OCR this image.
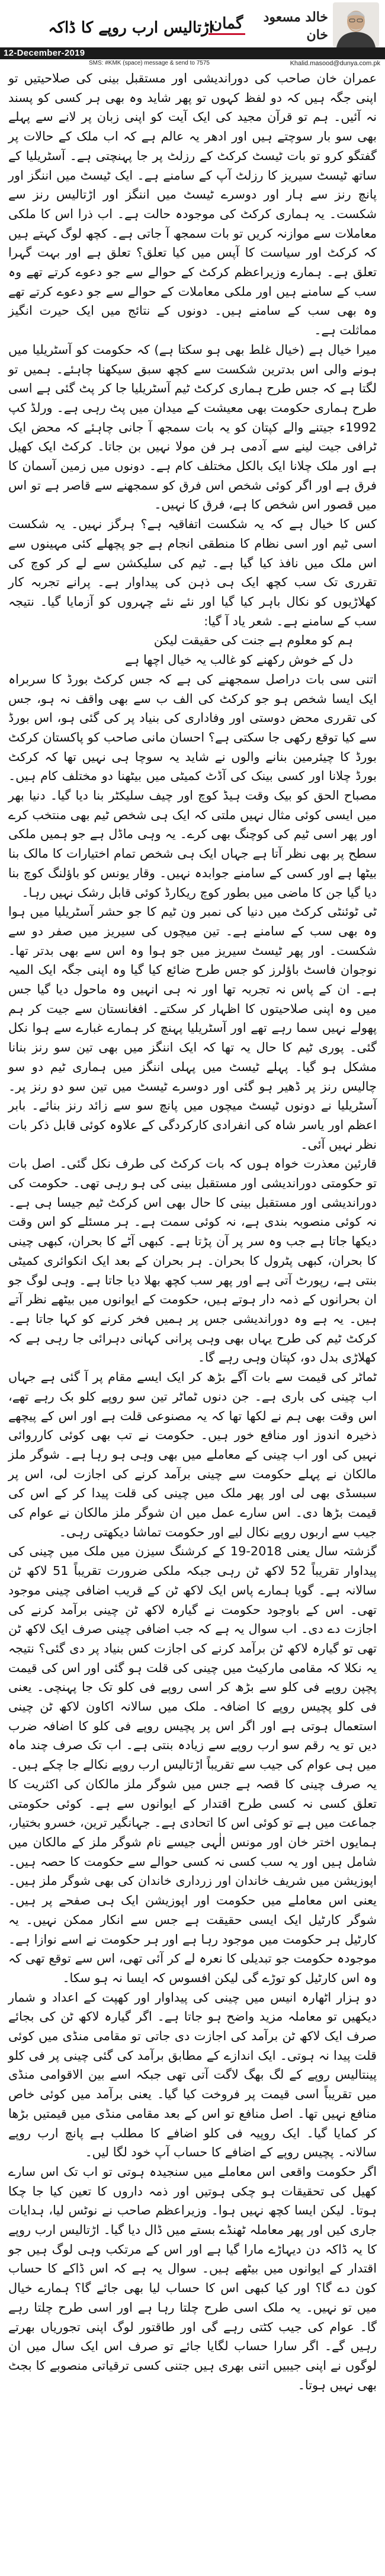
خالد مسعود خان
گمان
اڑتالیس ارب روپے کا ڈاکہ
12-December-2019
SMS: #KMK (space) message & send to 7575	Khalid.masood@dunya.com.pk

عمران خان صاحب کی دوراندیشی اور مستقبل بینی کی صلاحیتیں تو اپنی جگہ ہیں کہ دو لفظ کہوں تو پھر شاید وہ بھی ہر کسی کو پسند نہ آئیں۔ ہم تو قرآن مجید کی ایک آیت کو اپنی زبان پر لانے سے پہلے بھی سو بار سوچتے ہیں اور ادھر یہ عالم ہے کہ اب ملک کے حالات پر گفتگو کرو تو بات ٹیسٹ کرکٹ کے رزلٹ پر جا پہنچتی ہے۔ آسٹریلیا کے ساتھ ٹیسٹ سیریز کا رزلٹ آپ کے سامنے ہے۔ ایک ٹیسٹ میں اننگز اور پانچ رنز سے ہار اور دوسرے ٹیسٹ میں اننگز اور اڑتالیس رنز سے شکست۔ یہ ہماری کرکٹ کی موجودہ حالت ہے۔ اب ذرا اس کا ملکی معاملات سے موازنہ کریں تو بات سمجھ آ جاتی ہے۔ کچھ لوگ کہتے ہیں کہ کرکٹ اور سیاست کا آپس میں کیا تعلق؟ تعلق ہے اور بہت گہرا تعلق ہے۔ ہمارے وزیراعظم کرکٹ کے حوالے سے جو دعوے کرتے تھے وہ سب کے سامنے ہیں اور ملکی معاملات کے حوالے سے جو دعوے کرتے تھے وہ بھی سب کے سامنے ہیں۔ دونوں کے نتائج میں ایک حیرت انگیز مماثلت ہے۔

میرا خیال ہے (خیال غلط بھی ہو سکتا ہے) کہ حکومت کو آسٹریلیا میں ہونے والی اس بدترین شکست سے کچھ سبق سیکھنا چاہئے۔ ہمیں تو لگتا ہے کہ جس طرح ہماری کرکٹ ٹیم آسٹریلیا جا کر پٹ گئی ہے اسی طرح ہماری حکومت بھی معیشت کے میدان میں پٹ رہی ہے۔ ورلڈ کپ 1992ء جیتنے والے کپتان کو یہ بات سمجھ آ جانی چاہئے کہ محض ایک ٹرافی جیت لینے سے آدمی ہر فن مولا نہیں بن جاتا۔ کرکٹ ایک کھیل ہے اور ملک چلانا ایک بالکل مختلف کام ہے۔ دونوں میں زمین آسمان کا فرق ہے اور اگر کوئی شخص اس فرق کو سمجھنے سے قاصر ہے تو اس میں قصور اس شخص کا ہے، فرق کا نہیں۔

کس کا خیال ہے کہ یہ شکست اتفاقیہ ہے؟ ہرگز نہیں۔ یہ شکست اسی ٹیم اور اسی نظام کا منطقی انجام ہے جو پچھلے کئی مہینوں سے اس ملک میں نافذ کیا گیا ہے۔ ٹیم کی سلیکشن سے لے کر کوچ کی تقرری تک سب کچھ ایک ہی ذہن کی پیداوار ہے۔ پرانے تجربہ کار کھلاڑیوں کو نکال باہر کیا گیا اور نئے نئے چہروں کو آزمایا گیا۔ نتیجہ سب کے سامنے ہے۔ شعر یاد آ گیا:

ہم کو معلوم ہے جنت کی حقیقت لیکن

دل کے خوش رکھنے کو غالب یہ خیال اچھا ہے

اتنی سی بات دراصل سمجھنے کی ہے کہ جس کرکٹ بورڈ کا سربراہ ایک ایسا شخص ہو جو کرکٹ کی الف ب سے بھی واقف نہ ہو، جس کی تقرری محض دوستی اور وفاداری کی بنیاد پر کی گئی ہو، اس بورڈ سے کیا توقع رکھی جا سکتی ہے؟ احسان مانی صاحب کو پاکستان کرکٹ بورڈ کا چیئرمین بنانے والوں نے شاید یہ سوچا ہی نہیں تھا کہ کرکٹ بورڈ چلانا اور کسی بینک کی آڈٹ کمیٹی میں بیٹھنا دو مختلف کام ہیں۔ مصباح الحق کو بیک وقت ہیڈ کوچ اور چیف سلیکٹر بنا دیا گیا۔ دنیا بھر میں ایسی کوئی مثال نہیں ملتی کہ ایک ہی شخص ٹیم بھی منتخب کرے اور پھر اسی ٹیم کی کوچنگ بھی کرے۔ یہ وہی ماڈل ہے جو ہمیں ملکی سطح پر بھی نظر آتا ہے جہاں ایک ہی شخص تمام اختیارات کا مالک بنا بیٹھا ہے اور کسی کے سامنے جوابدہ نہیں۔ وقار یونس کو باؤلنگ کوچ بنا دیا گیا جن کا ماضی میں بطور کوچ ریکارڈ کوئی قابل رشک نہیں رہا۔

ٹی ٹوئنٹی کرکٹ میں دنیا کی نمبر ون ٹیم کا جو حشر آسٹریلیا میں ہوا وہ بھی سب کے سامنے ہے۔ تین میچوں کی سیریز میں صفر دو سے شکست۔ اور پھر ٹیسٹ سیریز میں جو ہوا وہ اس سے بھی بدتر تھا۔ نوجوان فاسٹ باؤلرز کو جس طرح ضائع کیا گیا وہ اپنی جگہ ایک المیہ ہے۔ ان کے پاس نہ تجربہ تھا اور نہ ہی انہیں وہ ماحول دیا گیا جس میں وہ اپنی صلاحیتوں کا اظہار کر سکتے۔ افغانستان سے جیت کر ہم پھولے نہیں سما رہے تھے اور آسٹریلیا پہنچ کر ہمارے غبارے سے ہوا نکل گئی۔ پوری ٹیم کا حال یہ تھا کہ ایک اننگز میں بھی تین سو رنز بنانا مشکل ہو گیا۔ پہلے ٹیسٹ میں پہلی اننگز میں ہماری ٹیم دو سو چالیس رنز پر ڈھیر ہو گئی اور دوسرے ٹیسٹ میں تین سو دو رنز پر۔ آسٹریلیا نے دونوں ٹیسٹ میچوں میں پانچ سو سے زائد رنز بنائے۔ بابر اعظم اور یاسر شاہ کی انفرادی کارکردگی کے علاوہ کوئی قابل ذکر بات نظر نہیں آئی۔

قارئین معذرت خواہ ہوں کہ بات کرکٹ کی طرف نکل گئی۔ اصل بات تو حکومتی دوراندیشی اور مستقبل بینی کی ہو رہی تھی۔ حکومت کی دوراندیشی اور مستقبل بینی کا حال بھی اس کرکٹ ٹیم جیسا ہی ہے۔ نہ کوئی منصوبہ بندی ہے، نہ کوئی سمت ہے۔ ہر مسئلے کو اس وقت دیکھا جاتا ہے جب وہ سر پر آن پڑتا ہے۔ کبھی آٹے کا بحران، کبھی چینی کا بحران، کبھی پٹرول کا بحران۔ ہر بحران کے بعد ایک انکوائری کمیٹی بنتی ہے، رپورٹ آتی ہے اور پھر سب کچھ بھلا دیا جاتا ہے۔ وہی لوگ جو ان بحرانوں کے ذمہ دار ہوتے ہیں، حکومت کے ایوانوں میں بیٹھے نظر آتے ہیں۔ یہ ہے وہ دوراندیشی جس پر ہمیں فخر کرنے کو کہا جاتا ہے۔ کرکٹ ٹیم کی طرح یہاں بھی وہی پرانی کہانی دہرائی جا رہی ہے کہ کھلاڑی بدل دو، کپتان وہی رہے گا۔

ٹماٹر کی قیمت سے بات آگے بڑھ کر ایک ایسے مقام پر آ گئی ہے جہاں اب چینی کی باری ہے۔ جن دنوں ٹماٹر تین سو روپے کلو بک رہے تھے، اس وقت بھی ہم نے لکھا تھا کہ یہ مصنوعی قلت ہے اور اس کے پیچھے ذخیرہ اندوز اور منافع خور ہیں۔ حکومت نے تب بھی کوئی کارروائی نہیں کی اور اب چینی کے معاملے میں بھی وہی ہو رہا ہے۔ شوگر ملز مالکان نے پہلے حکومت سے چینی برآمد کرنے کی اجازت لی، اس پر سبسڈی بھی لی اور پھر ملک میں چینی کی قلت پیدا کر کے اس کی قیمت بڑھا دی۔ اس سارے عمل میں ان شوگر ملز مالکان نے عوام کی جیب سے اربوں روپے نکال لیے اور حکومت تماشا دیکھتی رہی۔

گزشتہ سال یعنی 2018-19 کے کرشنگ سیزن میں ملک میں چینی کی پیداوار تقریباً 52 لاکھ ٹن رہی جبکہ ملکی ضرورت تقریباً 51 لاکھ ٹن سالانہ ہے۔ گویا ہمارے پاس ایک لاکھ ٹن کے قریب اضافی چینی موجود تھی۔ اس کے باوجود حکومت نے گیارہ لاکھ ٹن چینی برآمد کرنے کی اجازت دے دی۔ اب سوال یہ ہے کہ جب اضافی چینی صرف ایک لاکھ ٹن تھی تو گیارہ لاکھ ٹن برآمد کرنے کی اجازت کس بنیاد پر دی گئی؟ نتیجہ یہ نکلا کہ مقامی مارکیٹ میں چینی کی قلت ہو گئی اور اس کی قیمت پچپن روپے فی کلو سے بڑھ کر اسی روپے فی کلو تک جا پہنچی۔ یعنی فی کلو پچیس روپے کا اضافہ۔ ملک میں سالانہ اکاون لاکھ ٹن چینی استعمال ہوتی ہے اور اگر اس پر پچیس روپے فی کلو کا اضافہ ضرب دیں تو یہ رقم سو ارب روپے سے زیادہ بنتی ہے۔ اب تک صرف چند ماہ میں ہی عوام کی جیب سے تقریباً اڑتالیس ارب روپے نکالے جا چکے ہیں۔

یہ صرف چینی کا قصہ ہے جس میں شوگر ملز مالکان کی اکثریت کا تعلق کسی نہ کسی طرح اقتدار کے ایوانوں سے ہے۔ کوئی حکومتی جماعت میں ہے تو کوئی اس کا اتحادی ہے۔ جہانگیر ترین، خسرو بختیار، ہمایوں اختر خان اور مونس الٰہی جیسے نام شوگر ملز کے مالکان میں شامل ہیں اور یہ سب کسی نہ کسی حوالے سے حکومت کا حصہ ہیں۔ اپوزیشن میں شریف خاندان اور زرداری خاندان کی بھی شوگر ملز ہیں۔ یعنی اس معاملے میں حکومت اور اپوزیشن ایک ہی صفحے پر ہیں۔ شوگر کارٹیل ایک ایسی حقیقت ہے جس سے انکار ممکن نہیں۔ یہ کارٹیل ہر حکومت میں موجود رہا ہے اور ہر حکومت نے اسے نوازا ہے۔ موجودہ حکومت جو تبدیلی کا نعرہ لے کر آئی تھی، اس سے توقع تھی کہ وہ اس کارٹیل کو توڑے گی لیکن افسوس کہ ایسا نہ ہو سکا۔

دو ہزار اٹھارہ انیس میں چینی کی پیداوار اور کھپت کے اعداد و شمار دیکھیں تو معاملہ مزید واضح ہو جاتا ہے۔ اگر گیارہ لاکھ ٹن کی بجائے صرف ایک لاکھ ٹن برآمد کی اجازت دی جاتی تو مقامی منڈی میں کوئی قلت پیدا نہ ہوتی۔ ایک اندازے کے مطابق برآمد کی گئی چینی پر فی کلو پینتالیس روپے کے لگ بھگ لاگت آتی تھی جبکہ اسے بین الاقوامی منڈی میں تقریباً اسی قیمت پر فروخت کیا گیا۔ یعنی برآمد میں کوئی خاص منافع نہیں تھا۔ اصل منافع تو اس کے بعد مقامی منڈی میں قیمتیں بڑھا کر کمایا گیا۔ ایک روپیہ فی کلو اضافے کا مطلب ہے پانچ ارب روپے سالانہ۔ پچیس روپے کے اضافے کا حساب آپ خود لگا لیں۔

اگر حکومت واقعی اس معاملے میں سنجیدہ ہوتی تو اب تک اس سارے کھیل کی تحقیقات ہو چکی ہوتیں اور ذمہ داروں کا تعین کیا جا چکا ہوتا۔ لیکن ایسا کچھ نہیں ہوا۔ وزیراعظم صاحب نے نوٹس لیا، ہدایات جاری کیں اور پھر معاملہ ٹھنڈے بستے میں ڈال دیا گیا۔ اڑتالیس ارب روپے کا یہ ڈاکہ دن دیہاڑے مارا گیا ہے اور اس کے مرتکب وہی لوگ ہیں جو اقتدار کے ایوانوں میں بیٹھے ہیں۔ سوال یہ ہے کہ اس ڈاکے کا حساب کون دے گا؟ اور کیا کبھی اس کا حساب لیا بھی جائے گا؟ ہمارے خیال میں تو نہیں۔ یہ ملک اسی طرح چلتا رہا ہے اور اسی طرح چلتا رہے گا۔ عوام کی جیب کٹتی رہے گی اور طاقتور لوگ اپنی تجوریاں بھرتے رہیں گے۔ اگر سارا حساب لگایا جائے تو صرف اس ایک سال میں ان لوگوں نے اپنی جیبیں اتنی بھری ہیں جتنی کسی ترقیاتی منصوبے کا بجٹ بھی نہیں ہوتا۔
